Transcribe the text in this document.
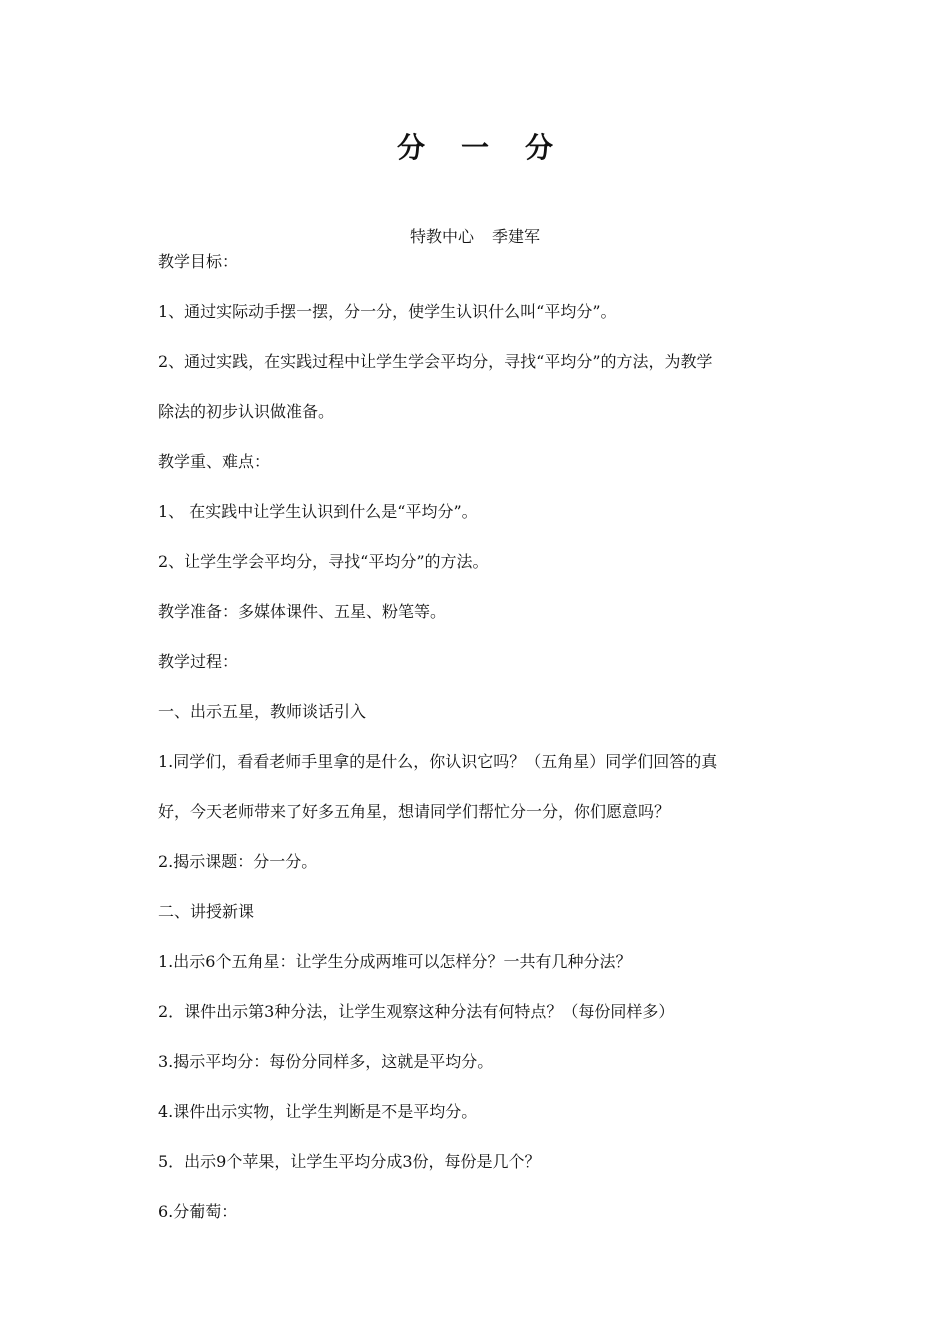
分 一 分
特教中心 季建军
教学目标：
1、通过实际动手摆一摆，分一分，使学生认识什么叫“平均分”。
2、通过实践，在实践过程中让学生学会平均分，寻找“平均分”的方法，为教学
除法的初步认识做准备。
教学重、难点：
1、 在实践中让学生认识到什么是“平均分”。
2、让学生学会平均分，寻找“平均分”的方法。
教学准备：多媒体课件、五星、粉笔等。
教学过程：
一、出示五星，教师谈话引入
1.同学们，看看老师手里拿的是什么，你认识它吗？（五角星）同学们回答的真
好，今天老师带来了好多五角星，想请同学们帮忙分一分，你们愿意吗？
2.揭示课题：分一分。
二、讲授新课
1.出示6个五角星：让学生分成两堆可以怎样分？一共有几种分法？
2．课件出示第3种分法，让学生观察这种分法有何特点？（每份同样多）
3.揭示平均分：每份分同样多，这就是平均分。
4.课件出示实物，让学生判断是不是平均分。
5．出示9个苹果，让学生平均分成3份，每份是几个？
6.分葡萄：
